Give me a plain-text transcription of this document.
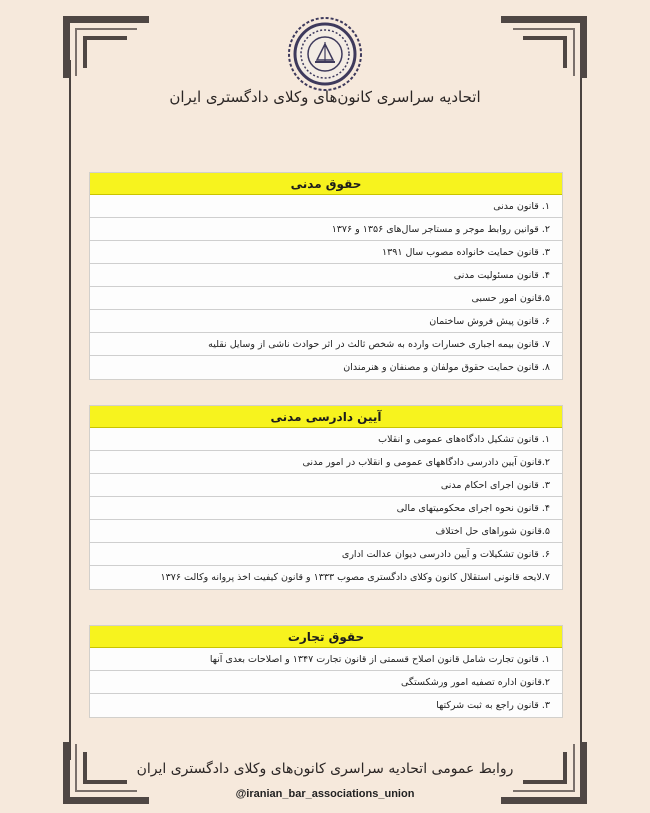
اتحادیه سراسری کانون‌های وکلای دادگستری ایران
حقوق مدنی
۱. قانون مدنی
۲. قوانین روابط موجر و مستاجر سال‌های ۱۳۵۶ و ۱۳۷۶
۳. قانون حمایت خانواده مصوب سال ۱۳۹۱
۴. قانون مسئولیت مدنی
۵.قانون امور حسبی
۶. قانون پیش فروش ساختمان
۷. قانون بیمه اجباری خسارات وارده به شخص ثالث در اثر حوادث ناشی از وسایل نقلیه
۸. قانون حمایت حقوق مولفان و مصنفان و هنرمندان
آیین دادرسی مدنی
۱. قانون تشکیل دادگاه‌های عمومی و انقلاب
۲.قانون آیین دادرسی دادگاههای عمومی و انقلاب در امور مدنی
۳. قانون اجرای احکام مدنی
۴. قانون نحوه اجرای محکومیتهای مالی
۵.قانون شوراهای حل اختلاف
۶. قانون تشکیلات و آیین دادرسی دیوان عدالت اداری
۷.لایحه قانونی استقلال کانون وکلای دادگستری مصوب ۱۳۳۳ و قانون کیفیت اخذ پروانه وکالت ۱۳۷۶
حقوق تجارت
۱. قانون تجارت شامل قانون اصلاح قسمتی از قانون تجارت ۱۳۴۷ و اصلاحات بعدی آنها
۲.قانون اداره تصفیه امور ورشکستگی
۳. قانون راجع به ثبت شرکتها
روابط عمومی اتحادیه سراسری کانون‌های وکلای دادگستری ایران
@iranian_bar_associations_union
